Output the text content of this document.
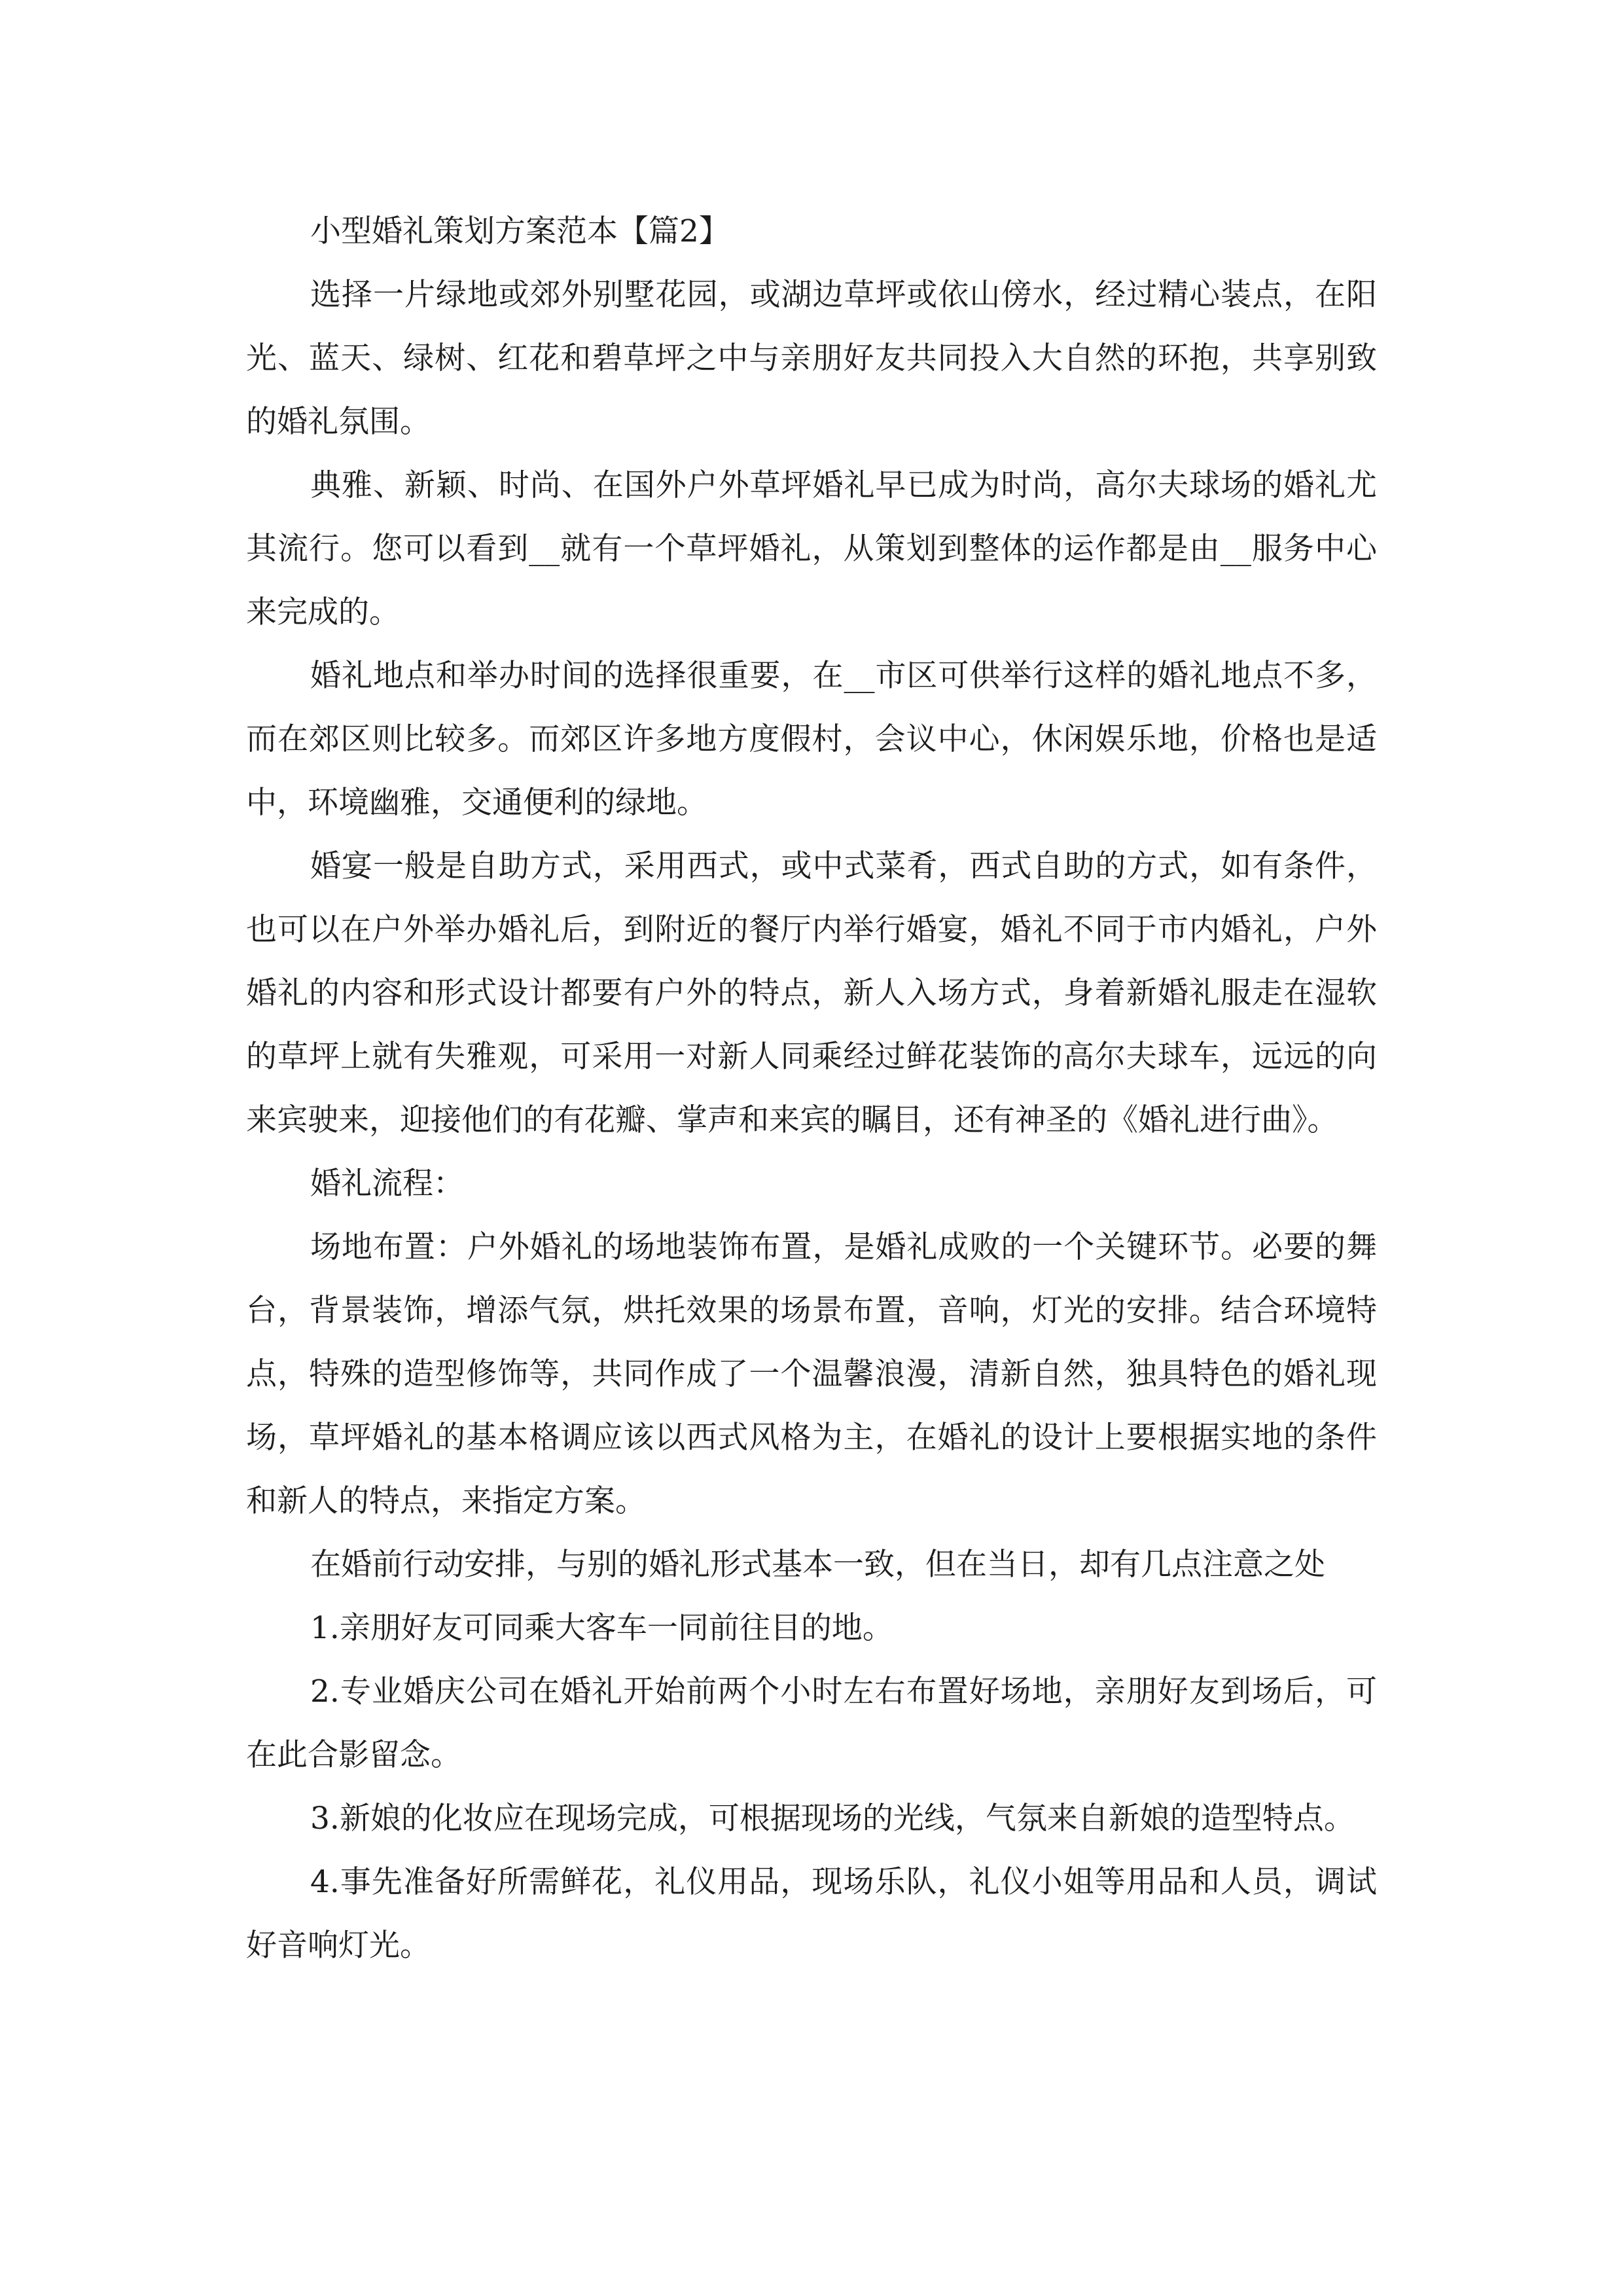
小型婚礼策划方案范本【篇2】

选择一片绿地或郊外别墅花园，或湖边草坪或依山傍水，经过精心装点，在阳光、蓝天、绿树、红花和碧草坪之中与亲朋好友共同投入大自然的环抱，共享别致的婚礼氛围。

典雅、新颖、时尚、在国外户外草坪婚礼早已成为时尚，高尔夫球场的婚礼尤其流行。您可以看到__就有一个草坪婚礼，从策划到整体的运作都是由__服务中心来完成的。

婚礼地点和举办时间的选择很重要，在__市区可供举行这样的婚礼地点不多，而在郊区则比较多。而郊区许多地方度假村，会议中心，休闲娱乐地，价格也是适中，环境幽雅，交通便利的绿地。

婚宴一般是自助方式，采用西式，或中式菜肴，西式自助的方式，如有条件，也可以在户外举办婚礼后，到附近的餐厅内举行婚宴，婚礼不同于市内婚礼，户外婚礼的内容和形式设计都要有户外的特点，新人入场方式，身着新婚礼服走在湿软的草坪上就有失雅观，可采用一对新人同乘经过鲜花装饰的高尔夫球车，远远的向来宾驶来，迎接他们的有花瓣、掌声和来宾的瞩目，还有神圣的《婚礼进行曲》。

婚礼流程：

场地布置：户外婚礼的场地装饰布置，是婚礼成败的一个关键环节。必要的舞台，背景装饰，增添气氛，烘托效果的场景布置，音响，灯光的安排。结合环境特点，特殊的造型修饰等，共同作成了一个温馨浪漫，清新自然，独具特色的婚礼现场，草坪婚礼的基本格调应该以西式风格为主，在婚礼的设计上要根据实地的条件和新人的特点，来指定方案。

在婚前行动安排，与别的婚礼形式基本一致，但在当日，却有几点注意之处

1.亲朋好友可同乘大客车一同前往目的地。

2.专业婚庆公司在婚礼开始前两个小时左右布置好场地，亲朋好友到场后，可在此合影留念。

3.新娘的化妆应在现场完成，可根据现场的光线，气氛来自新娘的造型特点。

4.事先准备好所需鲜花，礼仪用品，现场乐队，礼仪小姐等用品和人员，调试好音响灯光。
